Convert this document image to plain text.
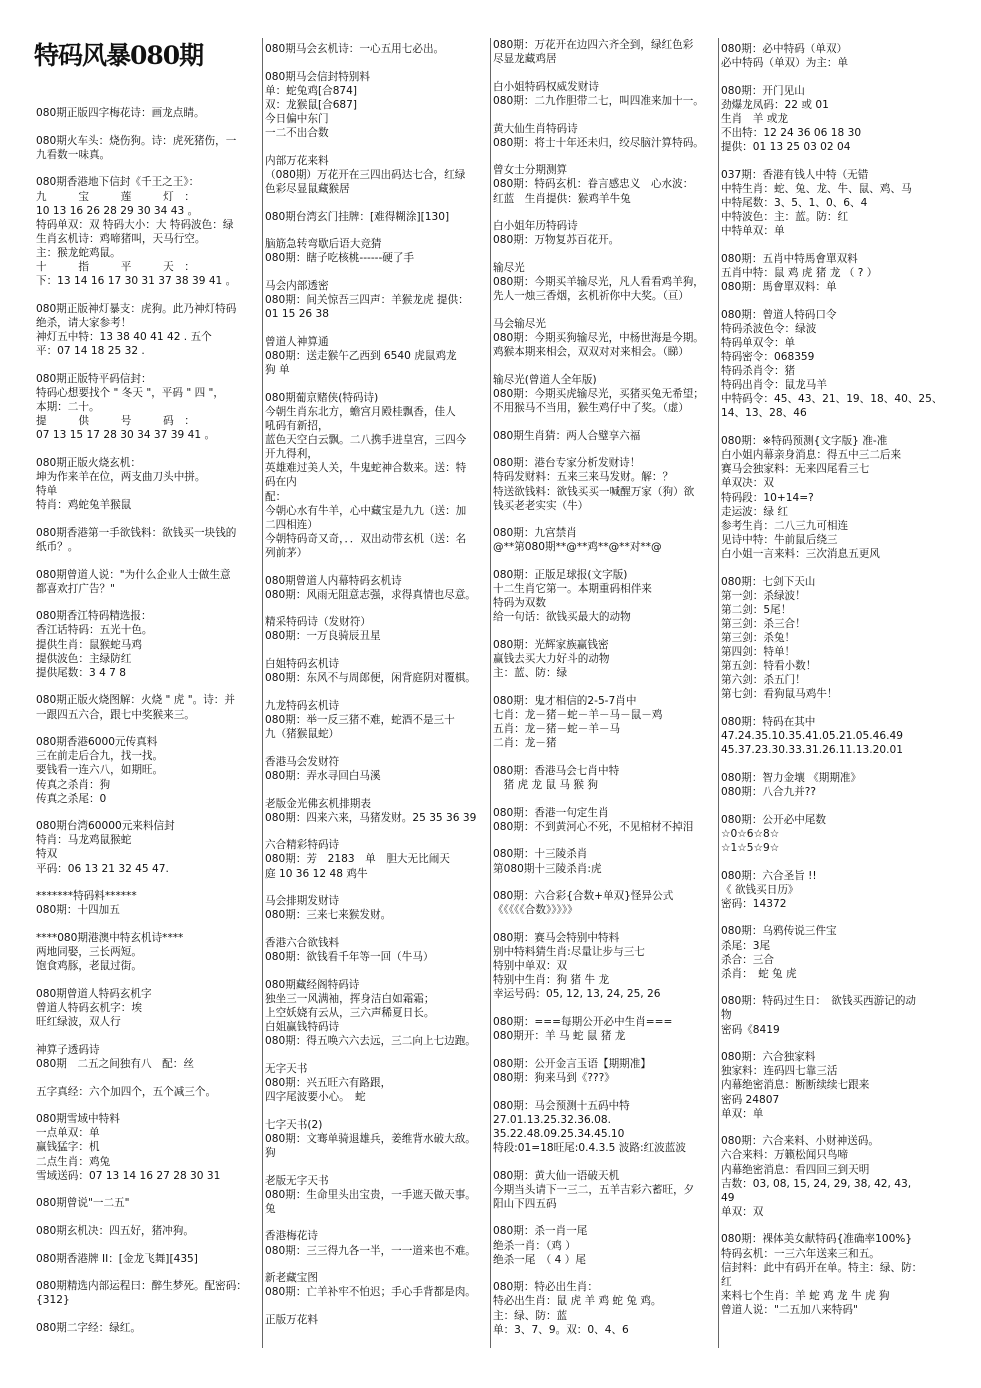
特码风暴080期
080期正版四字梅花诗：画龙点睛。
080期火车头：烧伤狗。诗：虎死猪伤，一
九看数一味真。
080期香港地下信封《千王之王》：
九　　　宝　　　莲　　　灯　：
10 13 16 26 28 29 30 34 43 。
特码单双：双 特码大小：大 特码波色：绿
生肖玄机诗：鸡啼猪叫，天马行空。
主：猴龙蛇鸡鼠。
十　　　指　　　平　　　天　：
下：13 14 16 17 30 31 37 38 39 41 。
080期正版神灯暴支：虎狗。此乃神灯特码
绝杀，请大家参考！
神灯五中特：13 38 40 41 42 . 五个
平：07 14 18 25 32 .
080期正版特平码信封：
特码心想要找个 " 冬天 "，平码 " 四 "，
本期：二十。
提　　　供　　　号　　　码　：
07 13 15 17 28 30 34 37 39 41 。
080期正版火烧玄机：
坤为作来羊在位，两支曲刀头中拼。
特单
特肖：鸡蛇兔羊猴鼠
080期香港第一手欲钱料：欲钱买一块钱的
纸币？。
080期曾道人说："为什么企业人士做生意
都喜欢打广告？"
080期香江特码精选报：
香江话特码：五光十色。
提供生肖：鼠猴蛇马鸡
提供波色：主绿防红
提供尾数：3 4 7 8
080期正版火烧图解：火烧 " 虎 "。诗：并
一跟四五六合，跟七中奖猴来三。
080期香港6000元传真料
三在前走后合九，找一找。
要钱看一连六八，如期旺。
传真之杀肖：狗
传真之杀尾：0
080期台湾60000元来料信封
特肖：马龙鸡鼠猴蛇
特双
平码：06 13 21 32 45 47.
*******特码料******
080期：十四加五
****080期港澳中特玄机诗****
两地同娶，三长两短。
饱食鸡豚，老鼠过街。
080期曾道人特码玄机字
曾道人特码玄机字：埃
旺红绿波，双人行
神算子透码诗
080期　二五之间独有八　配：丝
五字真经：六个加四个，五个减三个。
080期雪域中特料
一点单双：单
赢钱猛字：机
二点生肖：鸡兔
雪域送码：07 13 14 16 27 28 30 31
080期曾说"一二五"
080期玄机决：四五好，猪冲狗。
080期香港牌 II：[金龙飞舞][435]
080期精选内部运程曰：醉生梦死。配密码：
{312}
080期二字经：绿红。
080期马会玄机诗：一心五用七必出。
080期马会信封特别料
单：蛇兔鸡[合874]
双：龙猴鼠[合687]
今日偏中东门
一二不出合数
内部万花来料
（080期）万花开在三四出码达七合，红绿
色彩尽显鼠藏猴居
080期台湾玄门挂牌：[难得糊涂][130]
脑筋急转弯歇后语大竞猜
080期：瞎子吃核桃------硬了手
马会内部透密
080期：间关惊吾三四声：羊猴龙虎 提供：
01 15 26 38
曾道人神算通
080期：送走猴午乙西到 6540 虎鼠鸡龙
狗 单
080期葡京赌侠(特码诗)
今朝生肖东北方，蟾宫月殿桂飘香，佳人
吼码有新招，
蓝色天空白云飘。二八携手进皇宫，三四今
开九得利，
英雄难过美人关，牛鬼蛇神合数来。送：特
码在内
配：
今朝心水有牛羊，心中藏宝是九九（送：加
二四相连）
今朝特码奇又奇，．．双出动带玄机（送：名
列前茅）
080期曾道人内幕特码玄机诗
080期：风雨无阻意志强，求得真情也尽意。
精采特码诗（发财符）
080期：一万良骑辰丑星
白姐特码玄机诗
080期：东风不与周郎便，闲背庭阴对覆棋。
九龙特码玄机诗
080期：举一反三猪不难，蛇酒不是三十
九（猪猴鼠蛇）
香港马会发财符
080期：弄水寻回白马溪
老版金光佛玄机排期表
080期：四来六来，马猪发财。25 35 36 39
六合精彩特码诗
080期：芳　2183　单　胆大无比闹天
庭 10 36 12 48 鸡牛
马会排期发财诗
080期：三来七来猴发财。
香港六合欲钱料
080期：欲钱看千年等一回（牛马）
080期藏经阁特码诗
独坐三一风满袖，挥身洁白如霜霜；
上空妖娆有云从，三六声稀夏日长。
白姐赢钱特码诗
080期：得五唤六六去远，三二向上七边跑。
无字天书
080期：兴五旺六有路跟，
四字尾波要小心。　蛇
七字天书(2)
080期：文骞单骑退雄兵，姜维背水破大敌。
狗
老版无字天书
080期：生命里头出宝贵，一手遮天做天事。
兔
香港梅花诗
080期：三三得九各一半，一一道来也不难。
新老藏宝图
080期：亡羊补牢不怕迟；手心手背都是肉。
正版万花料
080期：万花开在边四六齐全到，绿红色彩
尽显龙藏鸡居
白小姐特码权威发财诗
080期：二九作胆带二七，叫四准来加十一。
黄大仙生肖特码诗
080期：将士十年还未归，绞尽脑汁算特码。
曾女士分期测算
080期：特码玄机：眷言感忠义　心水波：
红蓝　生肖提供：猴鸡羊牛兔
白小姐年历特码诗
080期：万物复苏百花开。
输尽光
080期：今期买羊输尽光，凡人看看鸡羊狗，
先人一烛三香烟，玄机祈你中大奖。（亘）
马会输尽光
080期：今期买狗输尽光，中杨世海是今期。
鸡猴本期来相会，双双对对来相会。（睇）
输尽光(曾道人全年版)
080期：今期买虎输尽光，买猪买兔无希望；
不用猴马不当用，猴生鸡仔中了奖。（虚）
080期生肖猜：两人合璧享六福
080期：港台专家分析发财诗！
特码发财料：五来三来马发财。解：？
特送欲钱料：欲钱买买一喊醒万家（狗）欲
钱买老老实实（牛）
080期：九宫禁肖
@**第080期**@**鸡**@**对**@
080期：正版足球报(文字版)
十二生肖它第一。本期重码相伴来
特码为双数
给一句话：欲钱买最大的动物
080期：光辉家族赢钱密
赢钱去买大力好斗的动物
主：蓝、防：绿
080期：鬼才相信的2-5-7肖中
七肖：龙－猪－蛇－羊－马－鼠－鸡
五肖：龙－猪－蛇－羊－马
二肖：龙－猪
080期：香港马会七肖中特
　猪 虎 龙 鼠 马 猴 狗
080期：香港一句定生肖
080期：不到黄河心不死，不见棺材不掉泪
080期：十三陵杀肖
第080期十三陵杀肖:虎
080期：六合彩{合数+单双}怪异公式
《《《《《合数》》》》》
080期：赛马会特别中特料
别中特料猜生肖:尽量让步与三七
特别中单双：双
特别中生肖：狗 猪 牛 龙
幸运号码：05, 12, 13, 24, 25, 26
080期：===每期公开必中生肖===
080期开：羊 马 蛇 鼠 猪 龙
080期：公开金言玉语【期期准】
080期：狗来马到《???》
080期：马会预测十五码中特
27.01.13.25.32.36.08.
35.22.48.09.25.34.45.10
特段:01=18旺尾:0.4.3.5 波路:红波蓝波
080期：黄大仙一语破天机
今期当头请下一三二，五羊吉彩六蓄旺，夕
阳山下四五码
080期：杀一肖一尾
绝杀一肖：（鸡 ）
绝杀一尾　（ 4 ）尾
080期：特必出生肖：
特必出生肖：鼠 虎 羊 鸡 蛇 兔 鸡。
主：绿、防：蓝
单：3、7、9。双：0、4、6
080期：必中特码（单双）
必中特码（单双）为主：单
080期：开门见山
劲爆龙凤码：22 或 01
生肖　羊 或龙
不出特：12 24 36 06 18 30
提供：01 13 25 03 02 04
037期：香港有钱人中特（无错
中特生肖：蛇、兔、龙、牛、鼠、鸡、马
中特尾数：3、5、1、0、6、4
中特波色：主：蓝。防：红
中特单双：单
080期：五肖中特馬會單双料
五肖中特：鼠 鸡 虎 猪 龙 （ ? ）
080期：馬會單双料：单
080期：曾道人特码口令
特码杀波色令：绿波
特码单双令：单
特码密令：068359
特码杀肖令：猪
特码出肖令：鼠龙马羊
中特码令：45、43、21、19、18、40、25、
14、13、28、46
080期：※特码预测{文字版} 准-准
白小姐内幕亲身消息：得五中三二后来
赛马会独家料：无来四尾看三七
单双决：双
特码段：10+14=?
走运波：绿 红
参考生肖：二八三九可相连
见诗中特：牛前鼠后绕三
白小姐一言来料：三次消息五更风
080期：七剑下天山
第一剑：杀绿波！
第二剑：5尾！
第三剑：杀三合！
第三剑：杀兔！
第四剑：特单！
第五剑：特看小数！
第六剑：杀五门！
第七剑：看狗鼠马鸡牛！
080期：特码在其中
47.24.35.10.35.41.05.21.05.46.49
45.37.23.30.33.31.26.11.13.20.01
080期：智力金壤 《期期准》
080期：八合九并??
080期：公开必中尾数
☆0☆6☆8☆
☆1☆5☆9☆
080期：六合圣旨 !!
《 欲钱买日历》
密码：14372
080期：乌鸦传说三件宝
杀尾：3尾
杀合：三合
杀肖：　蛇 兔 虎
080期：特码过生日：　欲钱买西游记的动
物
密码《8419
080期：六合独家料
独家料：连码四七靠三活
内幕绝密消息：断断续续七跟来
密码 24807
单双：单
080期：六合来料、小财神送码。
六合来料：万籁松闻只鸟啼
内幕绝密消息：看四回三到天明
吉数：03, 08, 15, 24, 29, 38, 42, 43,
49
单双：双
080期：裸体美女献特码{准确率100%}
特码玄机：一三六年送来三和五。
信封料：此中有码开在单。特主：绿、防：
红
来料七个生肖：羊 蛇 鸡 龙 牛 虎 狗
曾道人说："二五加八来特码"
